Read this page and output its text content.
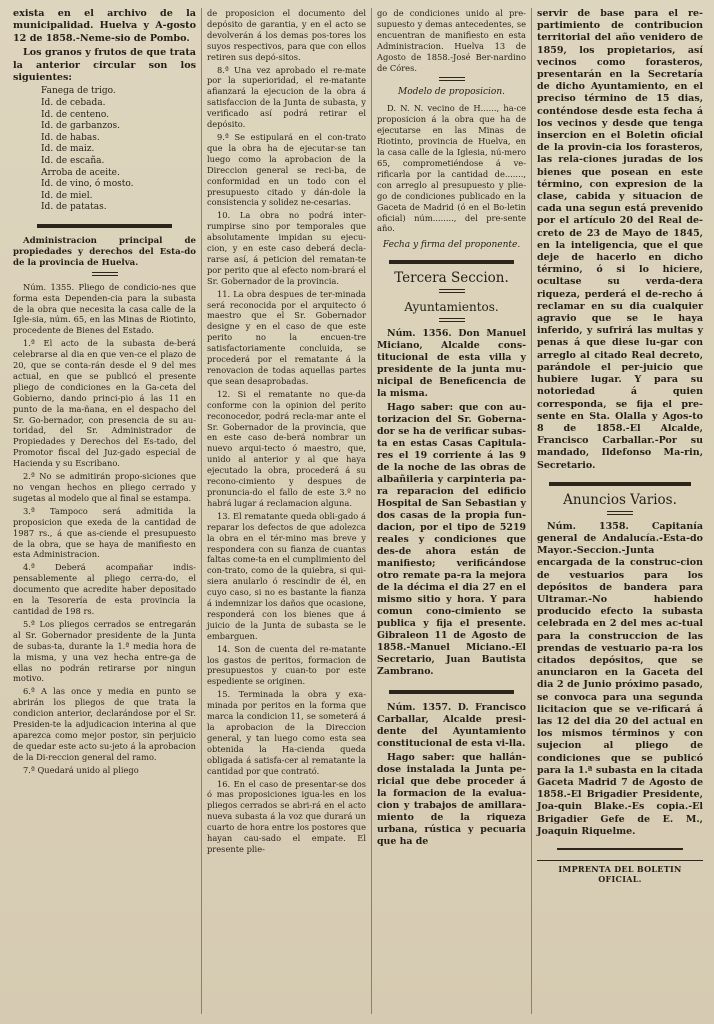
exista en el archivo de la municipalidad. Huelva y A-gosto 12 de 1858.-Neme-sio de Pombo.

Los granos y frutos de que trata la anterior circular son los siguientes:

Fanega de trigo.
Id. de cebada.
Id. de centeno.
Id. de garbanzos.
Id. de habas.
Id. de maiz.
Id. de escaña.
Arroba de aceite.
Id. de vino, ó mosto.
Id. de miel.
Id. de patatas.

Administracion principal de propiedades y derechos del Esta-do de la provincia de Huelva.

Núm. 1355. Pliego de condicio-nes que forma esta Dependen-cia para la subasta de la obra que necesita la casa calle de la Igle-sia, núm. 65, en las Minas de Riotinto, procedente de Bienes del Estado.

1.ª El acto de la subasta de-berá celebrarse al dia en que ven-ce el plazo de 20, que se conta-rán desde el 9 del mes actual, en que se publicó el presente pliego de condiciones en la Ga-ceta del Gobierno, dando princi-pio á las 11 en punto de la ma-ñana, en el despacho del Sr. Go-bernador, con presencia de su au-toridad, del Sr. Administrador de Propiedades y Derechos del Es-tado, del Promotor fiscal del Juz-gado especial de Hacienda y su Escribano.

2.ª No se admitirán propo-siciones que no vengan hechos en pliego cerrado y sugetas al modelo que al final se estampa.

3.ª Tampoco será admitida la proposicion que exeda de la cantidad de 1987 rs., á que as-ciende el presupuesto de la obra, que se haya de manifiesto en esta Administracion.

4.ª Deberá acompañar indis-pensablemente al pliego cerra-do, el documento que acredite haber depositado en la Tesorería de esta provincia la cantidad de 198 rs.

5.ª Los pliegos cerrados se entregarán al Sr. Gobernador presidente de la Junta de subas-ta, durante la 1.ª media hora de la misma, y una vez hecha entre-ga de ellas no podrán retirarse por ningun motivo.

6.ª A las once y media en punto se abrirán los pliegos de que trata la condicion anterior, declarándose por el Sr. Presiden-te la adjudicacion interina al que aparezca como mejor postor, sin perjuicio de quedar este acto su-jeto á la aprobacion de la Di-reccion general del ramo.

7.ª Quedará unido al pliego

de proposicion el documento del depósito de garantia, y en el acto se devolverán á los demas pos-tores los suyos respectivos, para que con ellos retiren sus depó-sitos.

8.ª Una vez aprobado el re-mate por la superioridad, el re-matante afianzará la ejecucion de la obra á satisfaccion de la Junta de subasta, y verificado así podrá retirar el depósito.

9.ª Se estipulará en el con-trato que la obra ha de ejecutar-se tan luego como la aprobacion de la Direccion general se reci-ba, de conformidad en un todo con el presupuesto citado y dán-dole la consistencia y solidez ne-cesarias.

10. La obra no podrá inter-rumpirse sino por temporales que absolutamente impidan su ejecu-cion, y en este caso deberá decla-rarse así, á peticion del rematan-te por perito que al efecto nom-brará el Sr. Gobernador de la provincia.

11. La obra despues de ter-minada será reconocida por el arquitecto ó maestro que el Sr. Gobernador designe y en el caso de que este perito no la encuen-tre satisfactoriamente concluida, se procederá por el rematante á la renovacion de todas aquellas partes que sean desaprobadas.

12. Si el rematante no que-da conforme con la opinion del perito reconocedor, podrá recla-mar ante el Sr. Gobernador de la provincia, que en este caso de-berá nombrar un nuevo arqui-tecto ó maestro, que, unido al anterior y al que haya ejecutado la obra, procederá á su recono-cimiento y despues de pronuncia-do el fallo de este 3.º no habrá lugar á reclamacion alguna.

13. El rematante queda obli-gado á reparar los defectos de que adolezca la obra en el tér-mino mas breve y respondera con su fianza de cuantas faltas come-ta en el cumplimiento del con-trato, como de la quiebra, si qui-siera anularlo ó rescindir de él, en cuyo caso, si no es bastante la fianza á indemnizar los daños que ocasione, responderá con los bienes que á juicio de la Junta de subasta se le embarguen.

14. Son de cuenta del re-matante los gastos de peritos, formacion de presupuestos y cuan-to por este espediente se originen.

15. Terminada la obra y exa-minada por peritos en la forma que marca la condicion 11, se someterá á la aprobacion de la Direccion general, y tan luego como esta sea obtenida la Ha-cienda queda obligada á satisfa-cer al rematante la cantidad por que contrató.

16. En el caso de presentar-se dos ó mas proposiciones igua-les en los pliegos cerrados se abri-rá en el acto nueva subasta á la voz que durará un cuarto de hora entre los postores que hayan cau-sado el empate. El presente plie-

go de condiciones unido al pre-supuesto y demas antecedentes, se encuentran de manifiesto en esta Administracion. Huelva 13 de Agosto de 1858.-José Ber-nardino de Córes.

Modelo de proposicion.

D. N. N. vecino de H......, ha-ce proposicion á la obra que ha de ejecutarse en las Minas de Riotinto, provincia de Huelva, en la casa calle de la Iglesia, nú-mero 65, comprometiéndose á ve-rificarla por la cantidad de......., con arreglo al presupuesto y plie-go de condiciones publicado en la Gaceta de Madrid (ó en el Bo-letin oficial) núm........, del pre-sente año.

Fecha y firma del proponente.
Tercera Seccion.
Ayuntamientos.

Núm. 1356. Don Manuel Miciano, Alcalde cons-titucional de esta villa y presidente de la junta mu-nicipal de Beneficencia de la misma.

Hago saber: que con au-torizacion del Sr. Goberna-dor se ha de verificar subas-ta en estas Casas Capitula-res el 19 corriente á las 9 de la noche de las obras de albañileria y carpinteria pa-ra reparacion del edificio Hospital de San Sebastian y dos casas de la propia fun-dacion, por el tipo de 5219 reales y condiciones que des-de ahora están de manifiesto; verificándose otro remate pa-ra la mejora de la décima el dia 27 en el mismo sitio y hora. Y para comun cono-cimiento se publica y fija el presente. Gibraleon 11 de Agosto de 1858.-Manuel Miciano.-El Secretario, Juan Bautista Zambrano.

Núm. 1357. D. Francisco Carballar, Alcalde presi-dente del Ayuntamiento constitucional de esta vi-lla.

Hago saber: que hallán-dose instalada la Junta pe-ricial que debe proceder á la formacion de la evalua-cion y trabajos de amillara-miento de la riqueza urbana, rústica y pecuaria que ha de

servir de base para el re-partimiento de contribucion territorial del año venidero de 1859, los propietarios, así vecinos como forasteros, presentarán en la Secretaría de dicho Ayuntamiento, en el preciso término de 15 dias, conténdose desde esta fecha á los vecinos y desde que tenga insercion en el Boletin oficial de la provin-cia los forasteros, las rela-ciones juradas de los bienes que posean en este término, con expresion de la clase, cabida y situacion de cada una segun está prevenido por el artículo 20 del Real de-creto de 23 de Mayo de 1845, en la inteligencia, que el que deje de hacerlo en dicho término, ó si lo hiciere, ocultase su verda-dera riqueza, perderá el de-recho á reclamar en su dia cualquier agravio que se le haya inferido, y sufrirá las multas y penas á que diese lu-gar con arreglo al citado Real decreto, parándole el per-juicio que hubiere lugar. Y para su notoriedad á quien corresponda, se fija el pre-sente en Sta. Olalla y Agos-to 8 de 1858.-El Alcalde, Francisco Carballar.-Por su mandado, Ildefonso Ma-rin, Secretario.

Anuncios Varios.

Núm. 1358. Capitanía general de Andalucía.-Esta-do Mayor.-Seccion.-Junta encargada de la construc-cion de vestuarios para los depósitos de bandera para Ultramar.-No habiendo producido efecto la subasta celebrada en 2 del mes ac-tual para la construccion de las prendas de vestuario pa-ra los citados depósitos, que se anunciaron en la Gaceta del dia 2 de Junio próximo pasado, se convoca para una segunda licitacion que se ve-rificará á las 12 del dia 20 del actual en los mismos términos y con sujecion al pliego de condiciones que se publicó para la 1.ª subasta en la citada Gaceta Madrid 7 de Agosto de 1858.-El Brigadier Presidente, Joa-quin Blake.-Es copia.-El Brigadier Gefe de E. M., Joaquin Riquelme.

IMPRENTA DEL BOLETIN OFICIAL.
